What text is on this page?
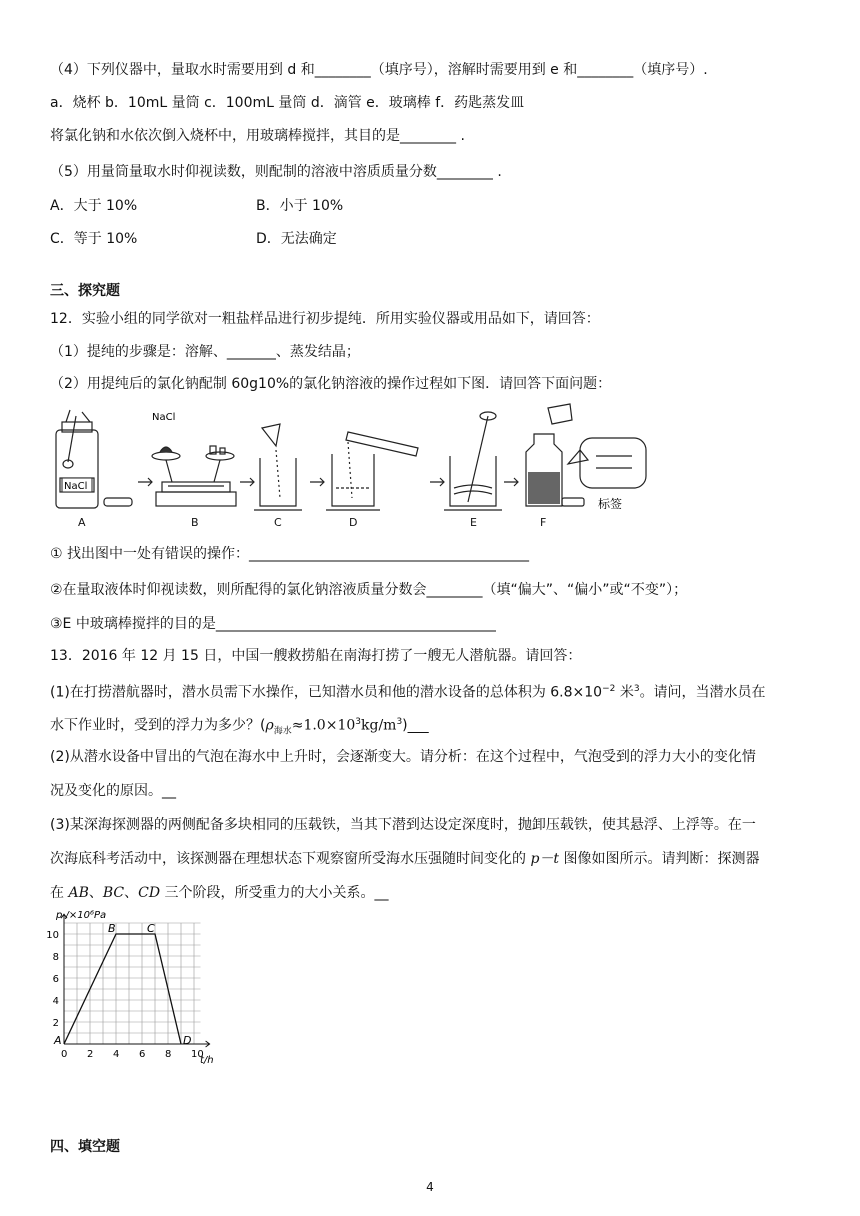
（4）下列仪器中，量取水时需要用到 d 和________（填序号），溶解时需要用到 e 和________（填序号）.
a．烧杯 b．10mL 量筒 c．100mL 量筒 d．滴管 e．玻璃棒 f．药匙蒸发皿
将氯化钠和水依次倒入烧杯中，用玻璃棒搅拌，其目的是________ .
（5）用量筒量取水时仰视读数，则配制的溶液中溶质质量分数________ .
A．大于 10%	B．小于 10%
C．等于 10%	D．无法确定
三、探究题
12．实验小组的同学欲对一粗盐样品进行初步提纯．所用实验仪器或用品如下，请回答：
（1）提纯的步骤是：溶解、_______、蒸发结晶；
（2）用提纯后的氯化钠配制 60g10%的氯化钠溶液的操作过程如下图．请回答下面问题：
NaCl
NaCl
标签
A	B	C	D	E	F
① 找出图中一处有错误的操作：________________________________________
②在量取液体时仰视读数，则所配得的氯化钠溶液质量分数会________（填“偏大”、“偏小”或“不变”）；
③E 中玻璃棒搅拌的目的是________________________________________
13．2016 年 12 月 15 日，中国一艘救捞船在南海打捞了一艘无人潜航器。请回答：
(1)在打捞潜航器时，潜水员需下水操作，已知潜水员和他的潜水设备的总体积为 $6.8\times 10^{-2}$ 米$^3$。请问，当潜水员在
水下作业时，受到的浮力为多少？$(\rho_{海水}\approx 1.0\times 10^3kg/m^3)\_\_\_$
(2)从潜水设备中冒出的气泡在海水中上升时，会逐渐变大。请分析：在这个过程中，气泡受到的浮力大小的变化情
况及变化的原因。__
(3)某深海探测器的两侧配备多块相同的压载铁，当其下潜到达设定深度时，抛卸压载铁，使其悬浮、上浮等。在一
次海底科考活动中，该探测器在理想状态下观察窗所受海水压强随时间变化的 p－t 图像如图所示。请判断：探测器
在 AB、BC、CD 三个阶段，所受重力的大小关系。__
0 2 4 6 8 10
2
4
6
8
10
A
B	C
D
p /×10⁶Pa
t/h
四、填空题
4
